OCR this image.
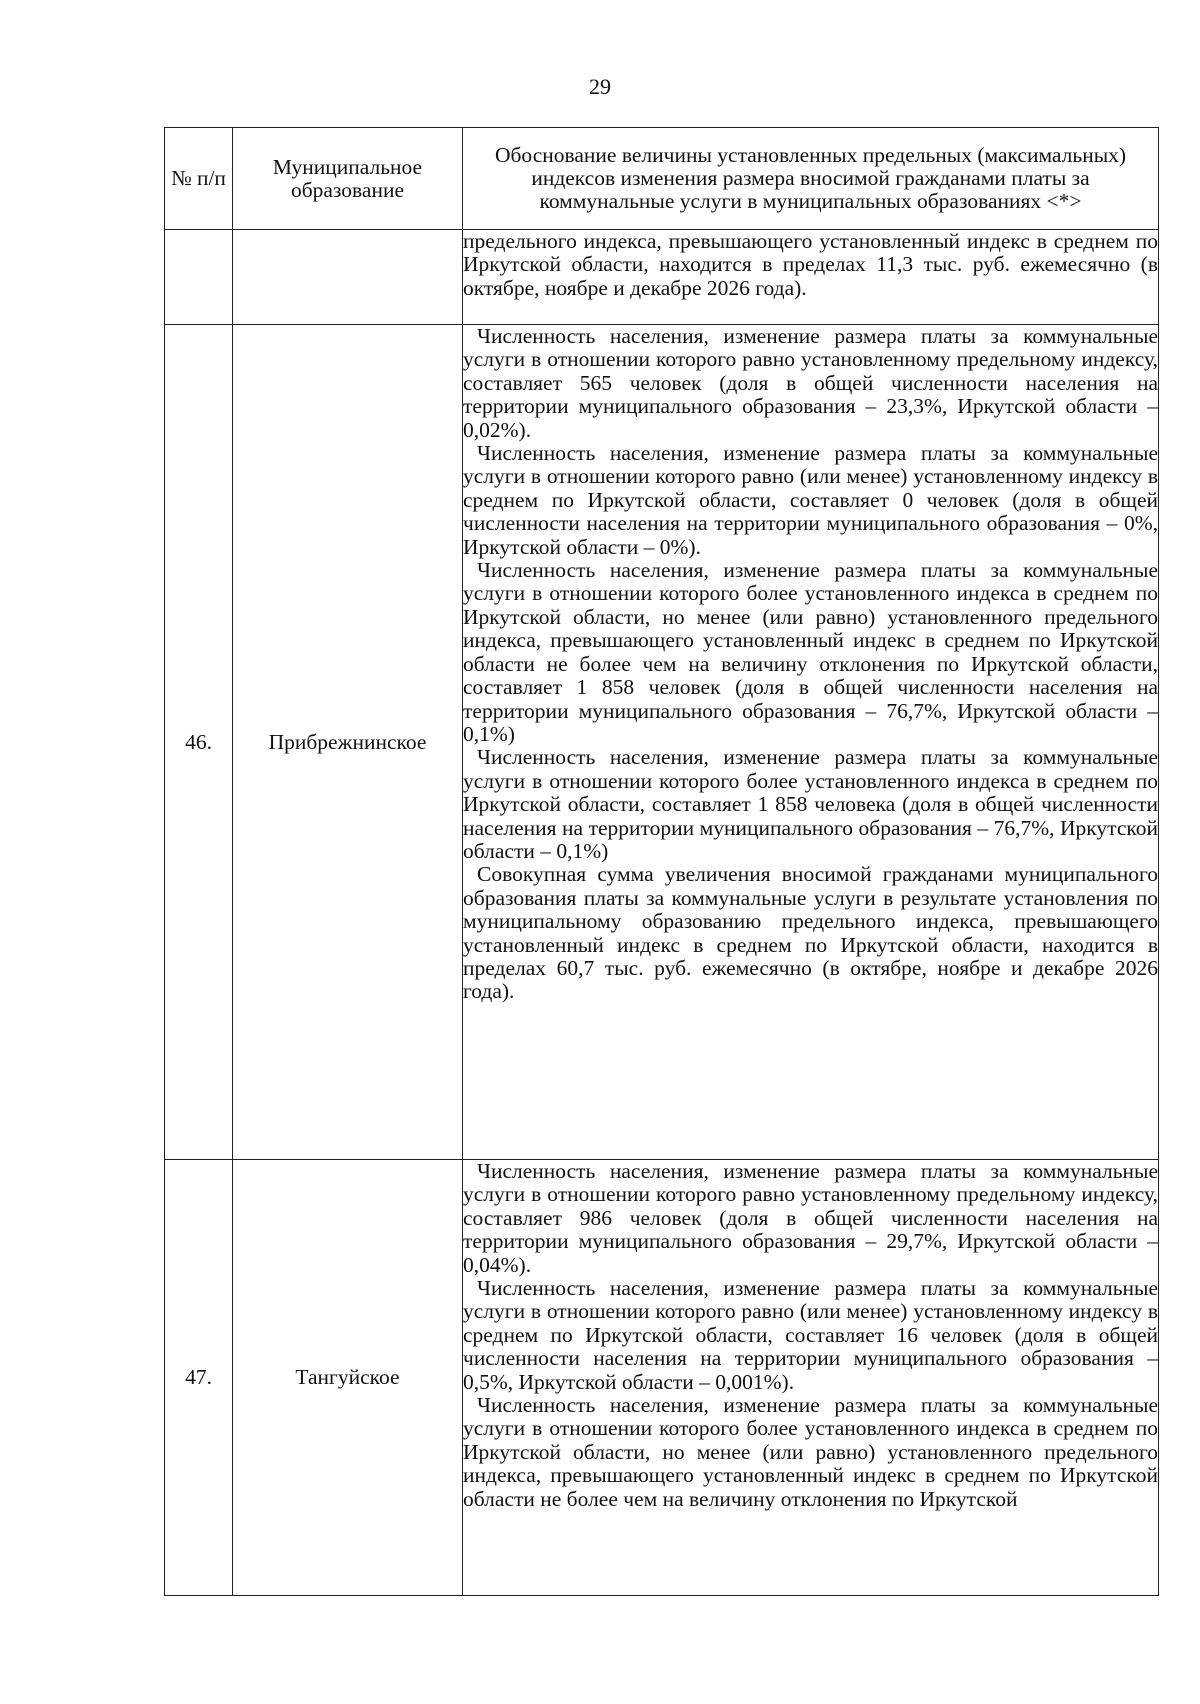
29
№ п/п	Муниципальное образование	Обоснование величины установленных предельных (максимальных) индексов изменения размера вносимой гражданами платы за коммунальные услуги в муниципальных образованиях <*>

		предельного индекса, превышающего установленный индекс в среднем по Иркутской области, находится в пределах 11,3 тыс. руб. ежемесячно (в октябре, ноябре и декабре 2026 года).

46.	Прибрежнинское	Численность населения, изменение размера платы за коммунальные услуги в отношении которого равно установленному предельному индексу, составляет 565 человек (доля в общей численности населения на территории муниципального образования – 23,3%, Иркутской области – 0,02%).

Численность населения, изменение размера платы за коммунальные услуги в отношении которого равно (или менее) установленному индексу в среднем по Иркутской области, составляет 0 человек (доля в общей численности населения на территории муниципального образования – 0%, Иркутской области – 0%).

Численность населения, изменение размера платы за коммунальные услуги в отношении которого более установленного индекса в среднем по Иркутской области, но менее (или равно) установленного предельного индекса, превышающего установленный индекс в среднем по Иркутской области не более чем на величину отклонения по Иркутской области, составляет 1 858 человек (доля в общей численности населения на территории муниципального образования – 76,7%, Иркутской области – 0,1%)

Численность населения, изменение размера платы за коммунальные услуги в отношении которого более установленного индекса в среднем по Иркутской области, составляет 1 858 человека (доля в общей численности населения на территории муниципального образования – 76,7%, Иркутской области – 0,1%)

Совокупная сумма увеличения вносимой гражданами муниципального образования платы за коммунальные услуги в результате установления по муниципальному образованию предельного индекса, превышающего установленный индекс в среднем по Иркутской области, находится в пределах 60,7 тыс. руб. ежемесячно (в октябре, ноябре и декабре 2026 года).

47.	Тангуйское	Численность населения, изменение размера платы за коммунальные услуги в отношении которого равно установленному предельному индексу, составляет 986 человек (доля в общей численности населения на территории муниципального образования – 29,7%, Иркутской области – 0,04%).

Численность населения, изменение размера платы за коммунальные услуги в отношении которого равно (или менее) установленному индексу в среднем по Иркутской области, составляет 16 человек (доля в общей численности населения на территории муниципального образования – 0,5%, Иркутской области – 0,001%).

Численность населения, изменение размера платы за коммунальные услуги в отношении которого более установленного индекса в среднем по Иркутской области, но менее (или равно) установленного предельного индекса, превышающего установленный индекс в среднем по Иркутской области не более чем на величину отклонения по Иркутской
